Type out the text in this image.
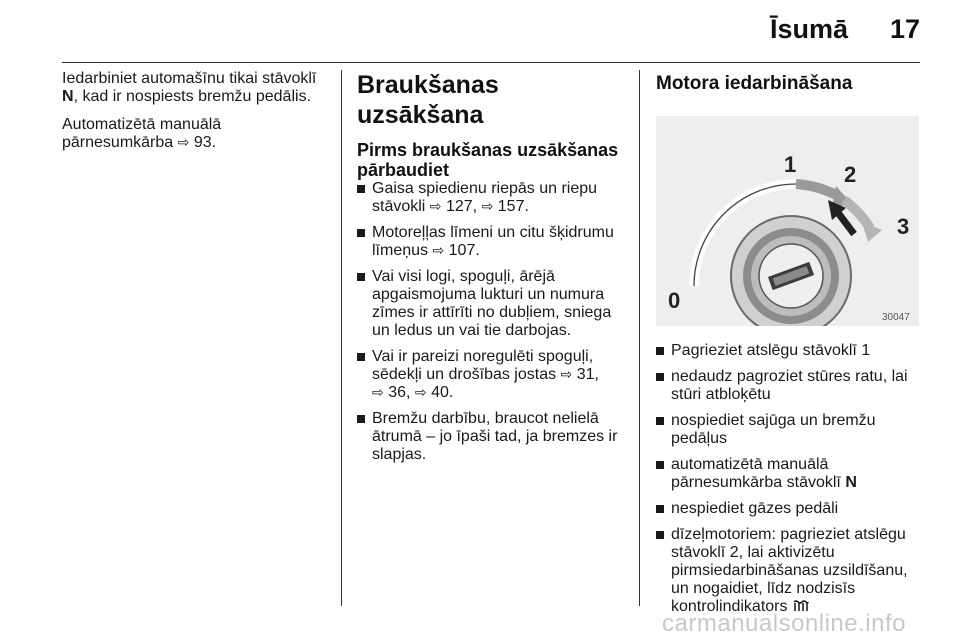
Īsumā 17

Iedarbiniet automašīnu tikai stāvoklī N, kad ir nospiests bremžu pedālis.

Automatizētā manuālā pārnesumkārba ⇨ 93.

Braukšanas uzsākšana
Pirms braukšanas uzsākšanas pārbaudiet
Gaisa spiedienu riepās un riepu stāvokli ⇨ 127, ⇨ 157.
Motoreļļas līmeni un citu šķidrumu līmeņus ⇨ 107.
Vai visi logi, spoguļi, ārējā apgaismojuma lukturi un numura zīmes ir attīrīti no dubļiem, sniega un ledus un vai tie darbojas.
Vai ir pareizi noregulēti spoguļi, sēdekļi un drošības jostas ⇨ 31,
⇨ 36, ⇨ 40.
Bremžu darbību, braucot nelielā ātrumā – jo īpaši tad, ja bremzes ir slapjas.
Motora iedarbināšana
0
1 2
3
30047
Pagrieziet atslēgu stāvoklī 1
nedaudz pagroziet stūres ratu, lai stūri atbloķētu
nospiediet sajūga un bremžu pedāļus
automatizētā manuālā pārnesumkārba stāvoklī N
nespiediet gāzes pedāli
dīzeļmotoriem: pagrieziet atslēgu stāvoklī 2, lai aktivizētu pirmsiedarbināšanas uzsildīšanu, un nogaidiet, līdz nodzisīs kontrolindikators
carmanualsonline.info
